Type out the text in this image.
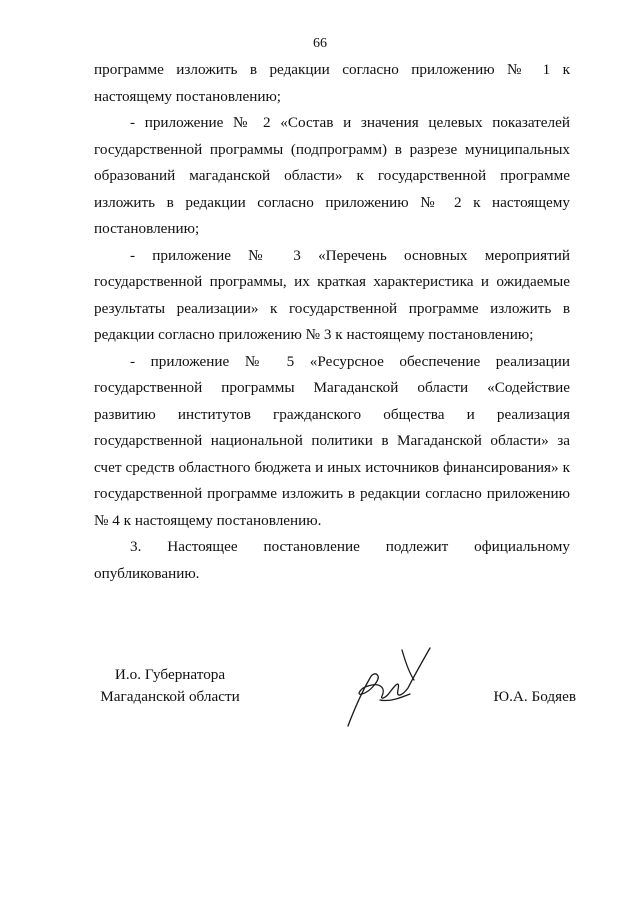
66

программе изложить в редакции согласно приложению № 1 к настоящему постановлению;

- приложение № 2 «Состав и значения целевых показателей государственной программы (подпрограмм) в разрезе муниципальных образований магаданской области» к государственной программе изложить в редакции согласно приложению № 2 к настоящему постановлению;

- приложение № 3 «Перечень основных мероприятий государственной программы, их краткая характеристика и ожидаемые результаты реализации» к государственной программе изложить в редакции согласно приложению № 3 к настоящему постановлению;

- приложение № 5 «Ресурсное обеспечение реализации государственной программы Магаданской области «Содействие развитию институтов гражданского общества и реализация государственной национальной политики в Магаданской области» за счет средств областного бюджета и иных источников финансирования» к государственной программе изложить в редакции согласно приложению № 4 к настоящему постановлению.

3. Настоящее постановление подлежит официальному опубликованию.

И.о. Губернатора
Магаданской области	Ю.А. Бодяев
